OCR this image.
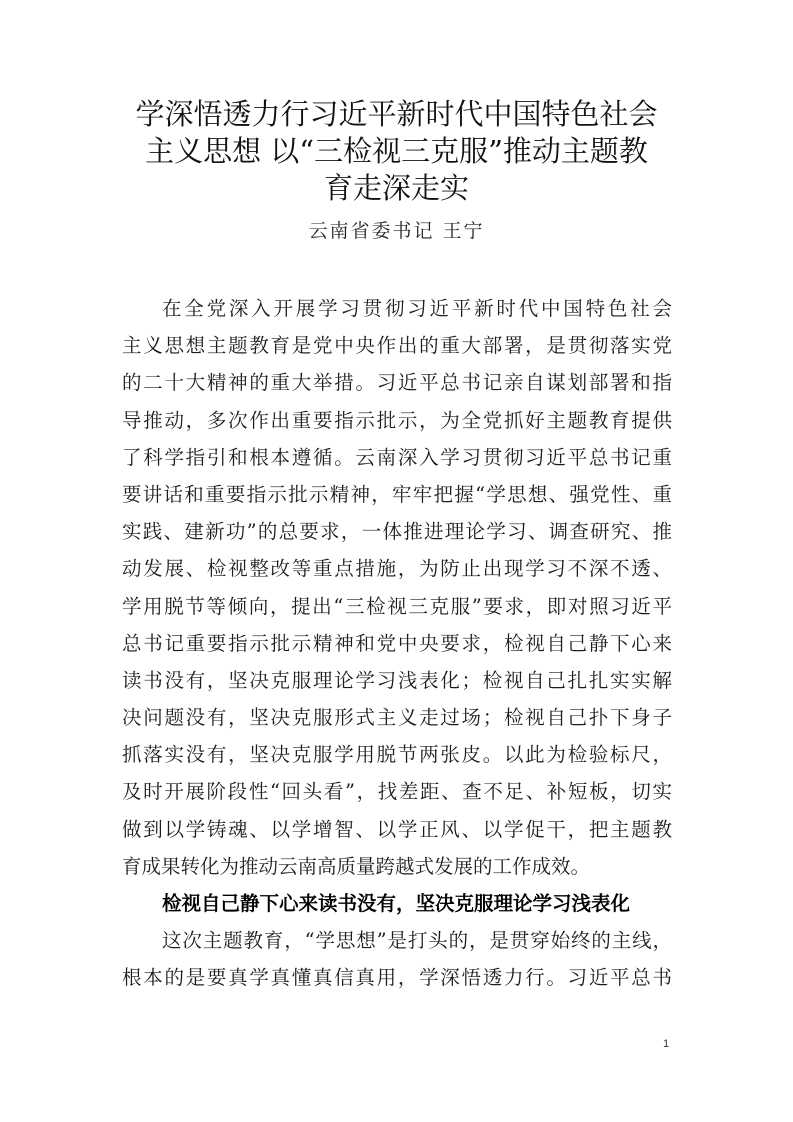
学深悟透力行习近平新时代中国特色社会
主义思想 以“三检视三克服”推动主题教
育走深走实
云南省委书记 王宁
在全党深入开展学习贯彻习近平新时代中国特色社会
主义思想主题教育是党中央作出的重大部署，是贯彻落实党
的二十大精神的重大举措。习近平总书记亲自谋划部署和指
导推动，多次作出重要指示批示，为全党抓好主题教育提供
了科学指引和根本遵循。云南深入学习贯彻习近平总书记重
要讲话和重要指示批示精神，牢牢把握“学思想、强党性、重
实践、建新功”的总要求，一体推进理论学习、调查研究、推
动发展、检视整改等重点措施，为防止出现学习不深不透、
学用脱节等倾向，提出“三检视三克服”要求，即对照习近平
总书记重要指示批示精神和党中央要求，检视自己静下心来
读书没有，坚决克服理论学习浅表化；检视自己扎扎实实解
决问题没有，坚决克服形式主义走过场；检视自己扑下身子
抓落实没有，坚决克服学用脱节两张皮。以此为检验标尺，
及时开展阶段性“回头看”，找差距、查不足、补短板，切实
做到以学铸魂、以学增智、以学正风、以学促干，把主题教
育成果转化为推动云南高质量跨越式发展的工作成效。
检视自己静下心来读书没有，坚决克服理论学习浅表化
这次主题教育，“学思想”是打头的，是贯穿始终的主线，
根本的是要真学真懂真信真用，学深悟透力行。习近平总书
1
